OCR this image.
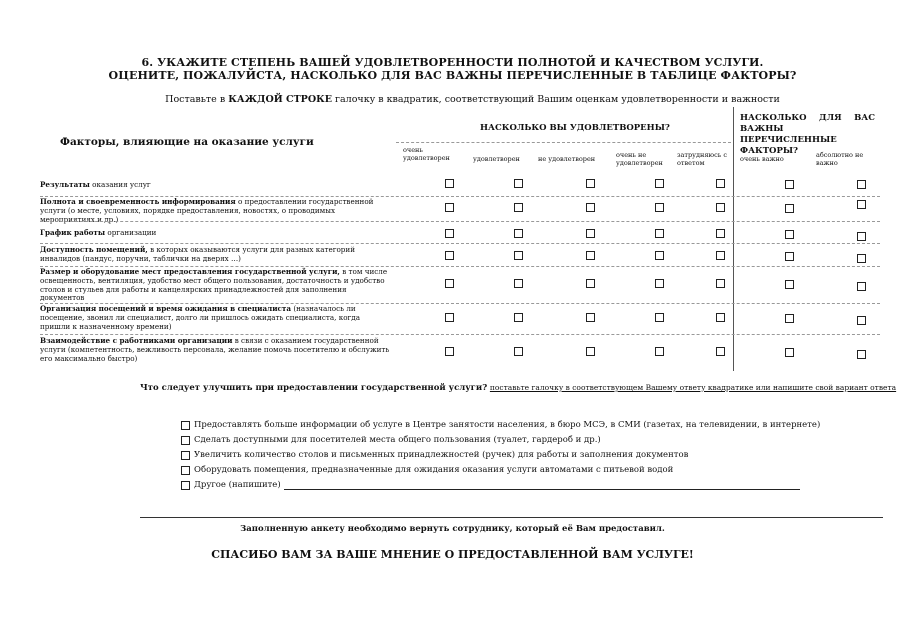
6. УКАЖИТЕ СТЕПЕНЬ ВАШЕЙ УДОВЛЕТВОРЕННОСТИ ПОЛНОТОЙ И КАЧЕСТВОМ УСЛУГИ.
ОЦЕНИТЕ, ПОЖАЛУЙСТА, НАСКОЛЬКО ДЛЯ ВАС ВАЖНЫ ПЕРЕЧИСЛЕННЫЕ В ТАБЛИЦЕ ФАКТОРЫ?
Поставьте в КАЖДОЙ СТРОКЕ галочку в квадратик, соответствующий Вашим оценкам удовлетворенности и важности
Факторы, влияющие на оказание услуги
НАСКОЛЬКО ВЫ УДОВЛЕТВОРЕНЫ?
НАСКОЛЬКО ДЛЯ ВАС ВАЖНЫ ПЕРЕЧИСЛЕННЫЕ ФАКТОРЫ?
очень удовлетворен	удовлетворен	не удовлетворен	очень не удовлетворен
затрудняюсь с ответом	очень важно	абсолютно не важно
Результаты оказания услуг
Полнота и своевременность информирования о предоставлении государственной услуги (о месте, условиях, порядке предоставления, новостях, о проводимых мероприятиях и др.)
График работы организации
Доступность помещений, в которых оказываются услуги для разных категорий инвалидов (пандус, поручни, таблички на дверях …)
Размер и оборудование мест предоставления государственной услуги, в том числе освещенность, вентиляция, удобство мест общего пользования, достаточность и удобство столов и стульев для работы и канцелярских принадлежностей для заполнения документов
Организация посещений и время ожидания в специалиста (назначалось ли посещение, звонил ли специалист, долго ли пришлось ожидать специалиста, когда пришли к назначенному времени)
Взаимодействие с работниками организации в связи с оказанием государственной услуги (компетентность, вежливость персонала, желание помочь посетителю и обслужить его максимально быстро)
Что следует улучшить при предоставлении государственной услуги? поставьте галочку в соответствующем Вашему ответу квадратике или напишите свой вариант ответа
Предоставлять больше информации об услуге в Центре занятости населения, в бюро МСЭ, в СМИ (газетах, на телевидении, в интернете)
Сделать доступными для посетителей места общего пользования (туалет, гардероб и др.)
Увеличить количество столов и письменных принадлежностей (ручек) для работы и заполнения документов
Оборудовать помещения, предназначенные для ожидания оказания услуги автоматами с питьевой водой
Другое (напишите)
Заполненную анкету необходимо вернуть сотруднику, который её Вам предоставил.
СПАСИБО ВАМ ЗА ВАШЕ МНЕНИЕ О ПРЕДОСТАВЛЕННОЙ ВАМ УСЛУГЕ!
